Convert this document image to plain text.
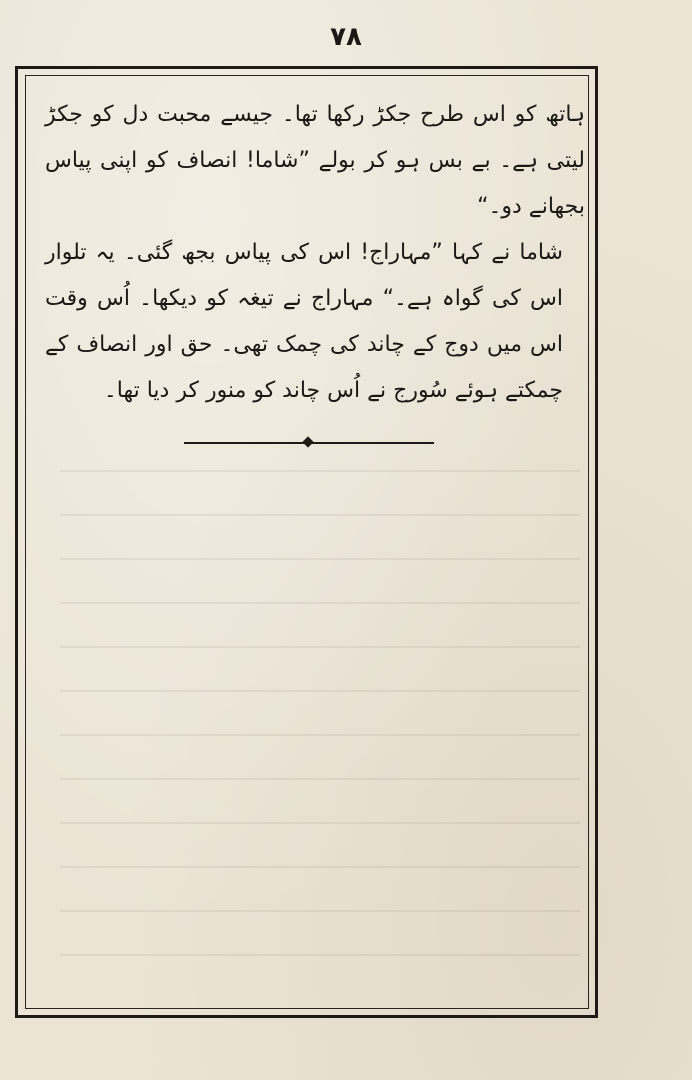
۷۸

ہاتھ کو اس طرح جکڑ رکھا تھا۔ جیسے محبت دل کو جکڑ لیتی ہے۔ بے بس ہو کر بولے ”شاما! انصاف کو اپنی پیاس بجھانے دو۔“

شاما نے کہا ”مہاراج! اس کی پیاس بجھ گئی۔ یہ تلوار اس کی گواہ ہے۔“ مہاراج نے تیغہ کو دیکھا۔ اُس وقت اس میں دوج کے چاند کی چمک تھی۔ حق اور انصاف کے چمکتے ہوئے سُورج نے اُس چاند کو منور کر دیا تھا۔
